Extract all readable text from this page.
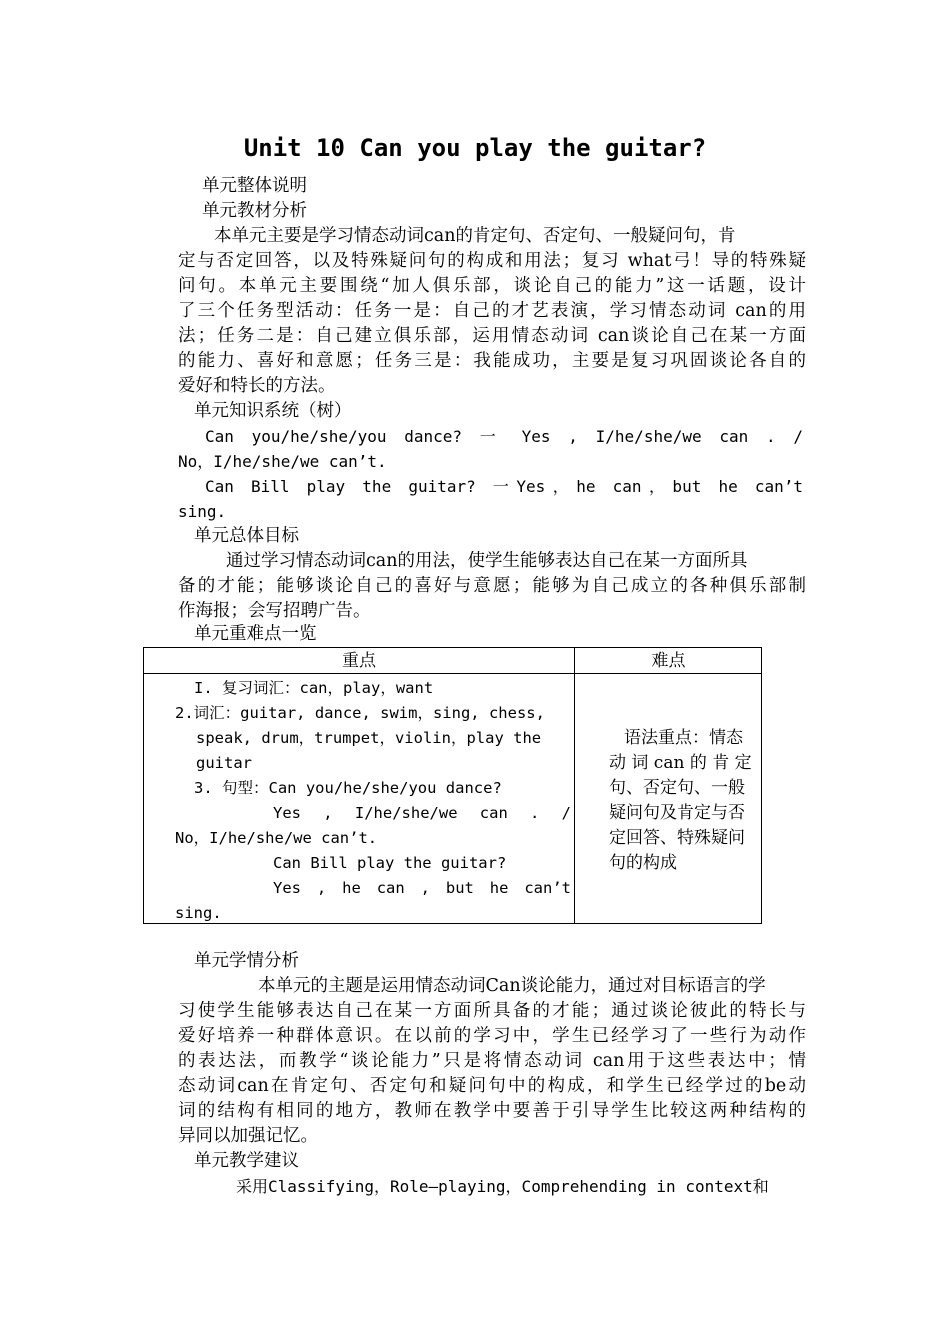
Unit 10 Can you play the guitar?
单元整体说明
单元教材分析
本单元主要是学习情态动词can的肯定句、否定句、一般疑问句，肯
定与否定回答，以及特殊疑问句的构成和用法；复习 what弓！导的特殊疑
问句。本单元主要围绕“加人俱乐部，谈论自己的能力”这一话题，设计
了三个任务型活动：任务一是：自己的才艺表演，学习情态动词 can的用
法；任务二是：自己建立俱乐部，运用情态动词 can谈论自己在某一方面
的能力、喜好和意愿；任务三是：我能成功，主要是复习巩固谈论各自的
爱好和特长的方法。
单元知识系统（树）
Can you/he/she/you dance? 一 Yes , I/he/she/we can . /
No，I/he/she/we can’t.
Can Bill play the guitar? 一Yes，he can，but he can’t
sing.
单元总体目标
通过学习情态动词can的用法，使学生能够表达自己在某一方面所具
备的才能；能够谈论自己的喜好与意愿；能够为自己成立的各种俱乐部制
作海报；会写招聘广告。
单元重难点一览
重点	难点
I. 复习词汇：can，play，want
2.词汇：guitar, dance, swim，sing, chess,
speak, drum，trumpet，violin，play the
guitar
3. 句型：Can you/he/she/you dance?
Yes , I/he/she/we can . /
No，I/he/she/we can’t.
Can Bill play the guitar?
Yes , he can , but he can’t
sing.
语法重点：情态
动 词 can 的 肯 定
句、否定句、一般
疑问句及肯定与否
定回答、特殊疑问
句的构成
单元学情分析
本单元的主题是运用情态动词Can谈论能力，通过对目标语言的学
习使学生能够表达自己在某一方面所具备的才能；通过谈论彼此的特长与
爱好培养一种群体意识。在以前的学习中，学生已经学习了一些行为动作
的表达法，而教学“谈论能力”只是将情态动词 can用于这些表达中；情
态动词can在肯定句、否定句和疑问句中的构成，和学生已经学过的be动
词的结构有相同的地方，教师在教学中要善于引导学生比较这两种结构的
异同以加强记忆。
单元教学建议
采用Classifying，Role—playing，Comprehending in context和
